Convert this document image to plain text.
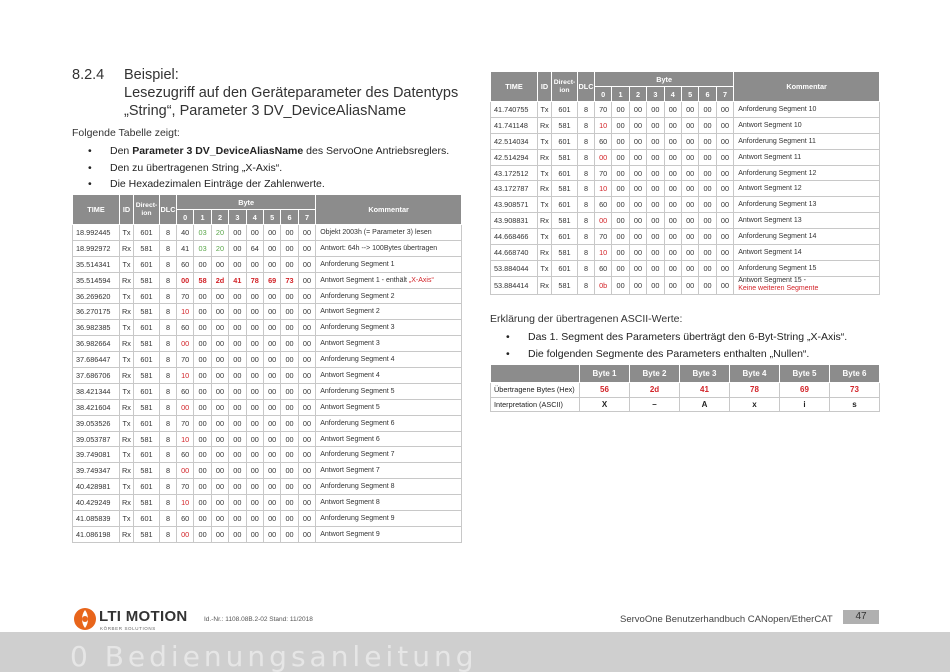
8.2.4 Beispiel:
Lesezugriff auf den Geräteparameter des Datentyps
„String“, Parameter 3 DV_DeviceAliasName
Folgende Tabelle zeigt:
• Den Parameter 3 DV_DeviceAliasName des ServoOne Antriebsreglers.
• Den zu übertragenen String „X-Axis“.
• Die Hexadezimalen Einträge der Zahlenwerte.
TIME	ID	Direct-ion	DLC	Byte								Kommentar
				0	1	2	3	4	5	6	7	
18.992445	Tx	601	8	40	03	20	00	00	00	00	00	Objekt 2003h (= Parameter 3) lesen
18.992972	Rx	581	8	41	03	20	00	64	00	00	00	Antwort: 64h --> 100Bytes übertragen
35.514341	Tx	601	8	60	00	00	00	00	00	00	00	Anforderung Segment 1
35.514594	Rx	581	8	00	58	2d	41	78	69	73	00	Antwort Segment 1 - enthält „X-Axis“
36.269620	Tx	601	8	70	00	00	00	00	00	00	00	Anforderung Segment 2
36.270175	Rx	581	8	10	00	00	00	00	00	00	00	Antwort Segment 2
36.982385	Tx	601	8	60	00	00	00	00	00	00	00	Anforderung Segment 3
36.982664	Rx	581	8	00	00	00	00	00	00	00	00	Antwort Segment 3
37.686447	Tx	601	8	70	00	00	00	00	00	00	00	Anforderung Segment 4
37.686706	Rx	581	8	10	00	00	00	00	00	00	00	Antwort Segment 4
38.421344	Tx	601	8	60	00	00	00	00	00	00	00	Anforderung Segment 5
38.421604	Rx	581	8	00	00	00	00	00	00	00	00	Antwort Segment 5
39.053526	Tx	601	8	70	00	00	00	00	00	00	00	Anforderung Segment 6
39.053787	Rx	581	8	10	00	00	00	00	00	00	00	Antwort Segment 6
39.749081	Tx	601	8	60	00	00	00	00	00	00	00	Anforderung Segment 7
39.749347	Rx	581	8	00	00	00	00	00	00	00	00	Antwort Segment 7
40.428981	Tx	601	8	70	00	00	00	00	00	00	00	Anforderung Segment 8
40.429249	Rx	581	8	10	00	00	00	00	00	00	00	Antwort Segment 8
41.085839	Tx	601	8	60	00	00	00	00	00	00	00	Anforderung Segment 9
41.086198	Rx	581	8	00	00	00	00	00	00	00	00	Antwort Segment 9
TIME	ID	Direct-ion	DLC	Byte								Kommentar
				0	1	2	3	4	5	6	7	
41.740755	Tx	601	8	70	00	00	00	00	00	00	00	Anforderung Segment 10
41.741148	Rx	581	8	10	00	00	00	00	00	00	00	Antwort Segment 10
42.514034	Tx	601	8	60	00	00	00	00	00	00	00	Anforderung Segment 11
42.514294	Rx	581	8	00	00	00	00	00	00	00	00	Antwort Segment 11
43.172512	Tx	601	8	70	00	00	00	00	00	00	00	Anforderung Segment 12
43.172787	Rx	581	8	10	00	00	00	00	00	00	00	Antwort Segment 12
43.908571	Tx	601	8	60	00	00	00	00	00	00	00	Anforderung Segment 13
43.908831	Rx	581	8	00	00	00	00	00	00	00	00	Antwort Segment 13
44.668466	Tx	601	8	70	00	00	00	00	00	00	00	Anforderung Segment 14
44.668740	Rx	581	8	10	00	00	00	00	00	00	00	Antwort Segment 14
53.884044	Tx	601	8	60	00	00	00	00	00	00	00	Anforderung Segment 15
53.884414	Rx	581	8	0b	00	00	00	00	00	00	00	Antwort Segment 15 -
Keine weiteren Segmente
Erklärung der übertragenen ASCII-Werte:
• Das 1. Segment des Parameters überträgt den 6-Byt-String „X-Axis“.
• Die folgenden Segmente des Parameters enthalten „Nullen“.
	Byte 1	Byte 2	Byte 3	Byte 4	Byte 5	Byte 6
Übertragene Bytes (Hex)	56	2d	41	78	69	73
Interpretation (ASCII)	X	–	A	x	i	s
LTI MOTION
KÖRBER SOLUTIONS
Id.-Nr.: 1108.08B.2-02 Stand: 11/2018	ServoOne Benutzerhandbuch CANopen/EtherCAT	47
0 Bedienungsanleitung
